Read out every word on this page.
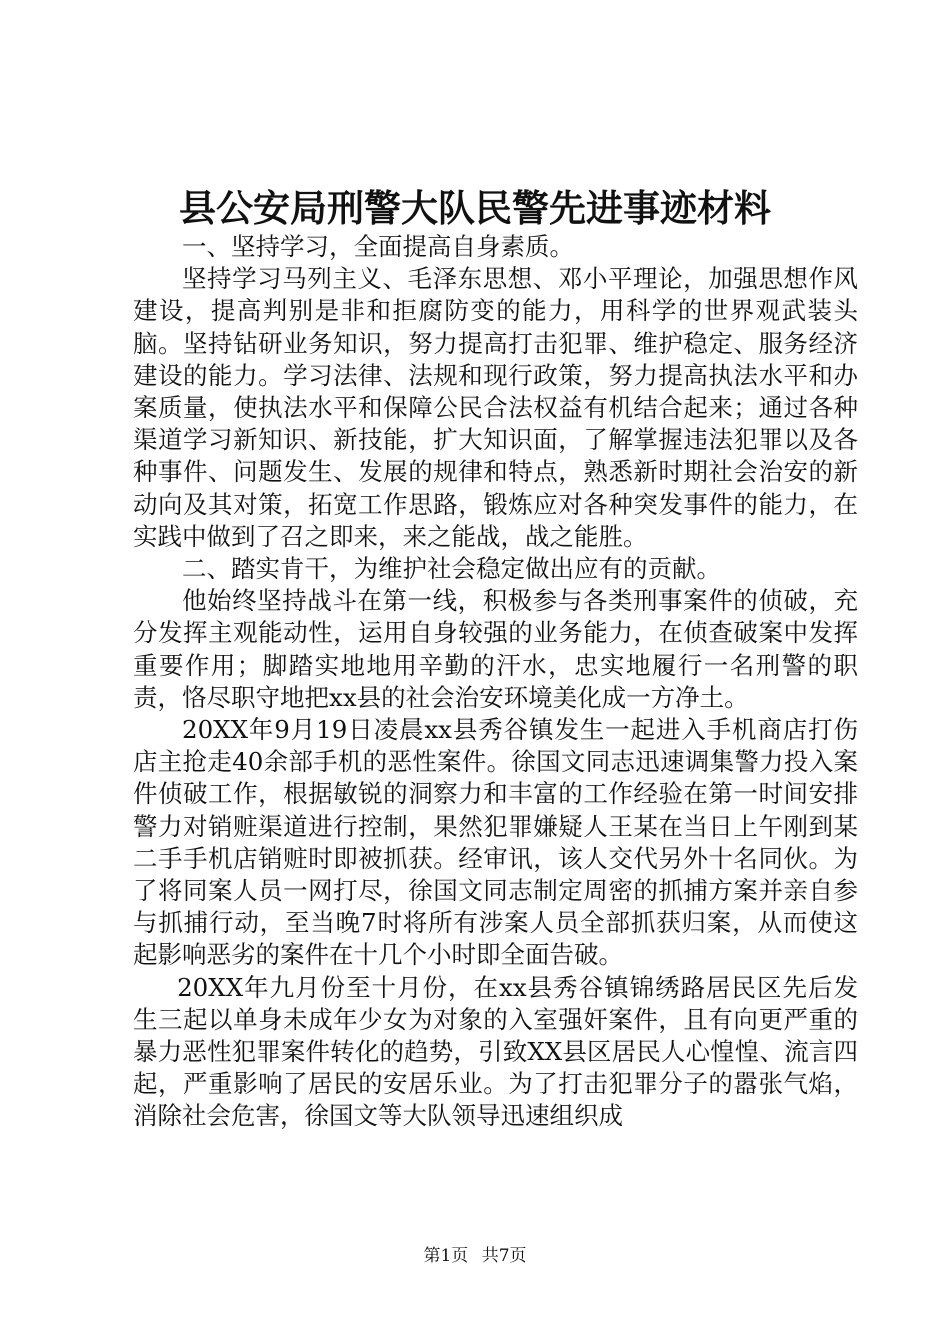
县公安局刑警大队民警先进事迹材料

一、坚持学习，全面提高自身素质。

坚持学习马列主义、毛泽东思想、邓小平理论，加强思想作风建设，提高判别是非和拒腐防变的能力，用科学的世界观武装头脑。坚持钻研业务知识，努力提高打击犯罪、维护稳定、服务经济建设的能力。学习法律、法规和现行政策，努力提高执法水平和办案质量，使执法水平和保障公民合法权益有机结合起来；通过各种渠道学习新知识、新技能，扩大知识面，了解掌握违法犯罪以及各种事件、问题发生、发展的规律和特点，熟悉新时期社会治安的新动向及其对策，拓宽工作思路，锻炼应对各种突发事件的能力，在实践中做到了召之即来，来之能战，战之能胜。

二、踏实肯干，为维护社会稳定做出应有的贡献。

他始终坚持战斗在第一线，积极参与各类刑事案件的侦破，充分发挥主观能动性，运用自身较强的业务能力，在侦查破案中发挥重要作用；脚踏实地地用辛勤的汗水，忠实地履行一名刑警的职责，恪尽职守地把xx县的社会治安环境美化成一方净土。

20XX年9月19日凌晨xx县秀谷镇发生一起进入手机商店打伤店主抢走40余部手机的恶性案件。徐国文同志迅速调集警力投入案件侦破工作，根据敏锐的洞察力和丰富的工作经验在第一时间安排警力对销赃渠道进行控制，果然犯罪嫌疑人王某在当日上午刚到某二手手机店销赃时即被抓获。经审讯，该人交代另外十名同伙。为了将同案人员一网打尽，徐国文同志制定周密的抓捕方案并亲自参与抓捕行动，至当晚7时将所有涉案人员全部抓获归案，从而使这起影响恶劣的案件在十几个小时即全面告破。

20XX年九月份至十月份，在xx县秀谷镇锦绣路居民区先后发生三起以单身未成年少女为对象的入室强奸案件，且有向更严重的暴力恶性犯罪案件转化的趋势，引致XX县区居民人心惶惶、流言四起，严重影响了居民的安居乐业。为了打击犯罪分子的嚣张气焰，消除社会危害，徐国文等大队领导迅速组织成

第1页 共7页
